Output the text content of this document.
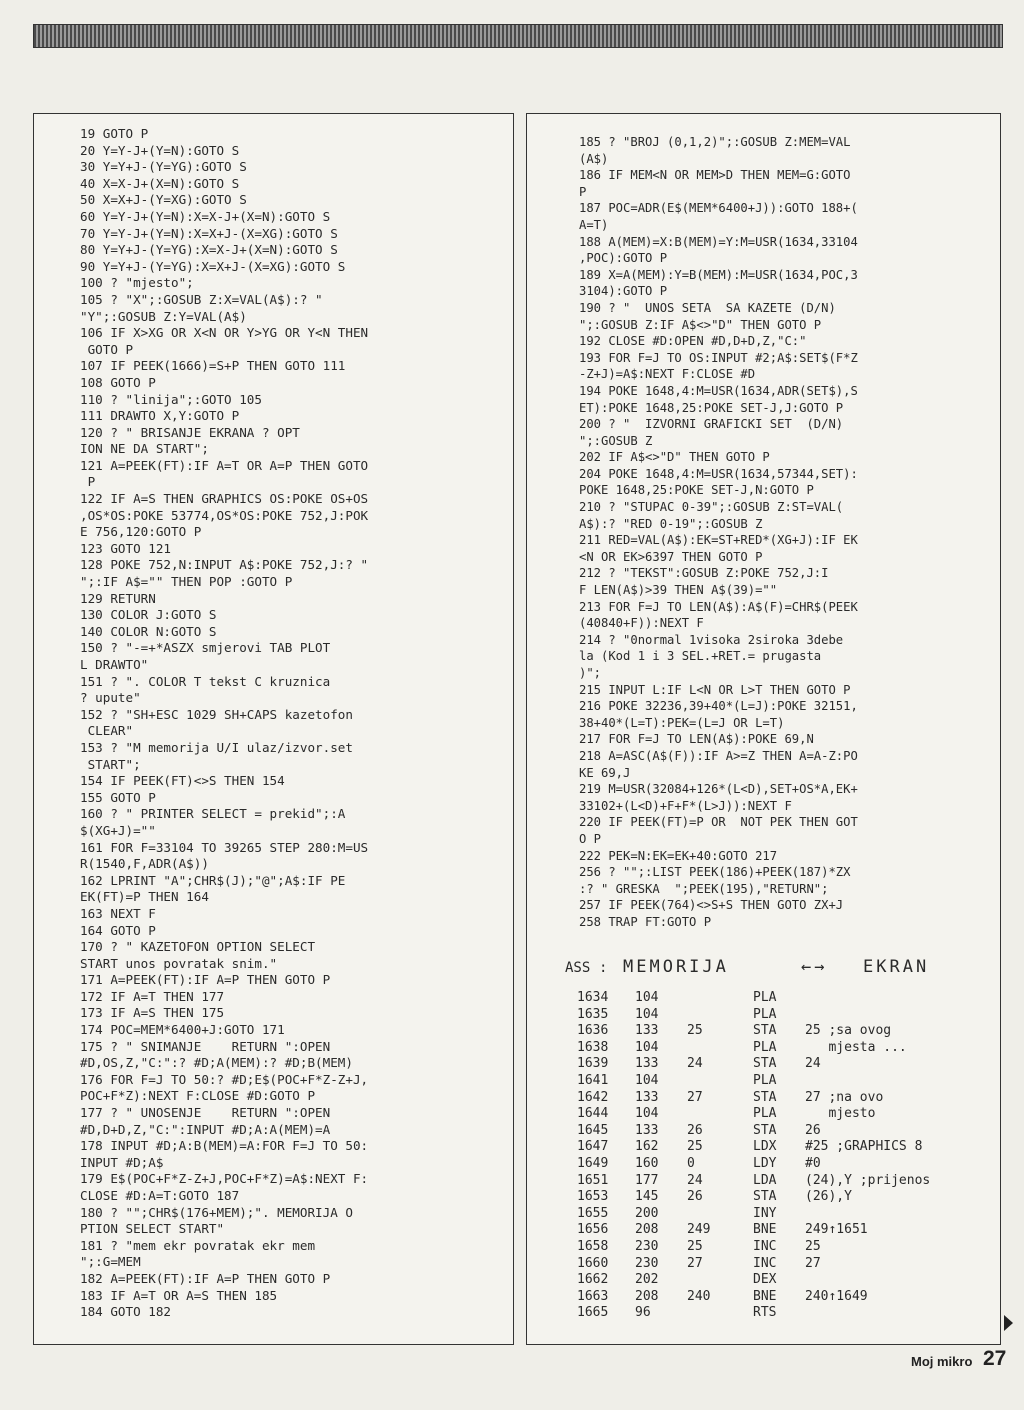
19 GOTO P
20 Y=Y-J+(Y=N):GOTO S
30 Y=Y+J-(Y=YG):GOTO S
40 X=X-J+(X=N):GOTO S
50 X=X+J-(Y=XG):GOTO S
60 Y=Y-J+(Y=N):X=X-J+(X=N):GOTO S
70 Y=Y-J+(Y=N):X=X+J-(X=XG):GOTO S
80 Y=Y+J-(Y=YG):X=X-J+(X=N):GOTO S
90 Y=Y+J-(Y=YG):X=X+J-(X=XG):GOTO S
100 ? "mjesto";
105 ? "X";:GOSUB Z:X=VAL(A$):? "
"Y";:GOSUB Z:Y=VAL(A$)
106 IF X>XG OR X<N OR Y>YG OR Y<N THEN
GOTO P
107 IF PEEK(1666)=S+P THEN GOTO 111
108 GOTO P
110 ? "linija";:GOTO 105
111 DRAWTO X,Y:GOTO P
120 ? " BRISANJE EKRANA ? OPT
ION NE DA START";
121 A=PEEK(FT):IF A=T OR A=P THEN GOTO
P
122 IF A=S THEN GRAPHICS OS:POKE OS+OS
,OS*OS:POKE 53774,OS*OS:POKE 752,J:POK
E 756,120:GOTO P
123 GOTO 121
128 POKE 752,N:INPUT A$:POKE 752,J:? "
";:IF A$="" THEN POP :GOTO P
129 RETURN
130 COLOR J:GOTO S
140 COLOR N:GOTO S
150 ? "-=+*ASZX smjerovi TAB PLOT
L DRAWTO"
151 ? ". COLOR T tekst C kruznica
? upute"
152 ? "SH+ESC 1029 SH+CAPS kazetofon
CLEAR"
153 ? "M memorija U/I ulaz/izvor.set
START";
154 IF PEEK(FT)<>S THEN 154
155 GOTO P
160 ? " PRINTER SELECT = prekid";:A
$(XG+J)=""
161 FOR F=33104 TO 39265 STEP 280:M=US
R(1540,F,ADR(A$))
162 LPRINT "A";CHR$(J);"@";A$:IF PE
EK(FT)=P THEN 164
163 NEXT F
164 GOTO P
170 ? " KAZETOFON OPTION SELECT
START unos povratak snim."
171 A=PEEK(FT):IF A=P THEN GOTO P
172 IF A=T THEN 177
173 IF A=S THEN 175
174 POC=MEM*6400+J:GOTO 171
175 ? " SNIMANJE    RETURN ":OPEN
#D,OS,Z,"C:":? #D;A(MEM):? #D;B(MEM)
176 FOR F=J TO 50:? #D;E$(POC+F*Z-Z+J,
POC+F*Z):NEXT F:CLOSE #D:GOTO P
177 ? " UNOSENJE    RETURN ":OPEN
#D,D+D,Z,"C:":INPUT #D;A:A(MEM)=A
178 INPUT #D;A:B(MEM)=A:FOR F=J TO 50:
INPUT #D;A$
179 E$(POC+F*Z-Z+J,POC+F*Z)=A$:NEXT F:
CLOSE #D:A=T:GOTO 187
180 ? "";CHR$(176+MEM);". MEMORIJA O
PTION SELECT START"
181 ? "mem ekr povratak ekr mem
";:G=MEM
182 A=PEEK(FT):IF A=P THEN GOTO P
183 IF A=T OR A=S THEN 185
184 GOTO 182
185 ? "BROJ (0,1,2)";:GOSUB Z:MEM=VAL
(A$)
186 IF MEM<N OR MEM>D THEN MEM=G:GOTO
P
187 POC=ADR(E$(MEM*6400+J)):GOTO 188+(
A=T)
188 A(MEM)=X:B(MEM)=Y:M=USR(1634,33104
,POC):GOTO P
189 X=A(MEM):Y=B(MEM):M=USR(1634,POC,3
3104):GOTO P
190 ? "  UNOS SETA  SA KAZETE (D/N)
";:GOSUB Z:IF A$<>"D" THEN GOTO P
192 CLOSE #D:OPEN #D,D+D,Z,"C:"
193 FOR F=J TO OS:INPUT #2;A$:SET$(F*Z
-Z+J)=A$:NEXT F:CLOSE #D
194 POKE 1648,4:M=USR(1634,ADR(SET$),S
ET):POKE 1648,25:POKE SET-J,J:GOTO P
200 ? "  IZVORNI GRAFICKI SET  (D/N)
";:GOSUB Z
202 IF A$<>"D" THEN GOTO P
204 POKE 1648,4:M=USR(1634,57344,SET):
POKE 1648,25:POKE SET-J,N:GOTO P
210 ? "STUPAC 0-39";:GOSUB Z:ST=VAL(
A$):? "RED 0-19";:GOSUB Z
211 RED=VAL(A$):EK=ST+RED*(XG+J):IF EK
<N OR EK>6397 THEN GOTO P
212 ? "TEKST":GOSUB Z:POKE 752,J:I
F LEN(A$)>39 THEN A$(39)=""
213 FOR F=J TO LEN(A$):A$(F)=CHR$(PEEK
(40840+F)):NEXT F
214 ? "0normal 1visoka 2siroka 3debe
la (Kod 1 i 3 SEL.+RET.= prugasta
)";
215 INPUT L:IF L<N OR L>T THEN GOTO P
216 POKE 32236,39+40*(L=J):POKE 32151,
38+40*(L=T):PEK=(L=J OR L=T)
217 FOR F=J TO LEN(A$):POKE 69,N
218 A=ASC(A$(F)):IF A>=Z THEN A=A-Z:PO
KE 69,J
219 M=USR(32084+126*(L<D),SET+OS*A,EK+
33102+(L<D)+F+F*(L>J)):NEXT F
220 IF PEEK(FT)=P OR  NOT PEK THEN GOT
O P
222 PEK=N:EK=EK+40:GOTO 217
256 ? "";:LIST PEEK(186)+PEEK(187)*ZX
:? " GRESKA  ";PEEK(195),"RETURN";
257 IF PEEK(764)<>S+S THEN GOTO ZX+J
258 TRAP FT:GOTO P
ASS : MEMORIJA	←→ EKRAN
1634 104	PLA
1635 104	PLA
1636 133 25	STA 25 ;sa ovog
1638 104	PLA mjesta ...
1639 133 24	STA 24
1641 104	PLA
1642 133 27	STA 27 ;na ovo
1644 104	PLA mjesto
1645 133 26	STA 26
1647 162 25	LDX #25 ;GRAPHICS 8
1649 160 0	LDY #0
1651 177 24	LDA (24),Y ;prijenos
1653 145 26	STA (26),Y
1655 200	INY
1656 208 249	BNE 249↑1651
1658 230 25	INC 25
1660 230 27	INC 27
1662 202	DEX
1663 208 240	BNE 240↑1649
1665 96	RTS
Moj mikro 27
